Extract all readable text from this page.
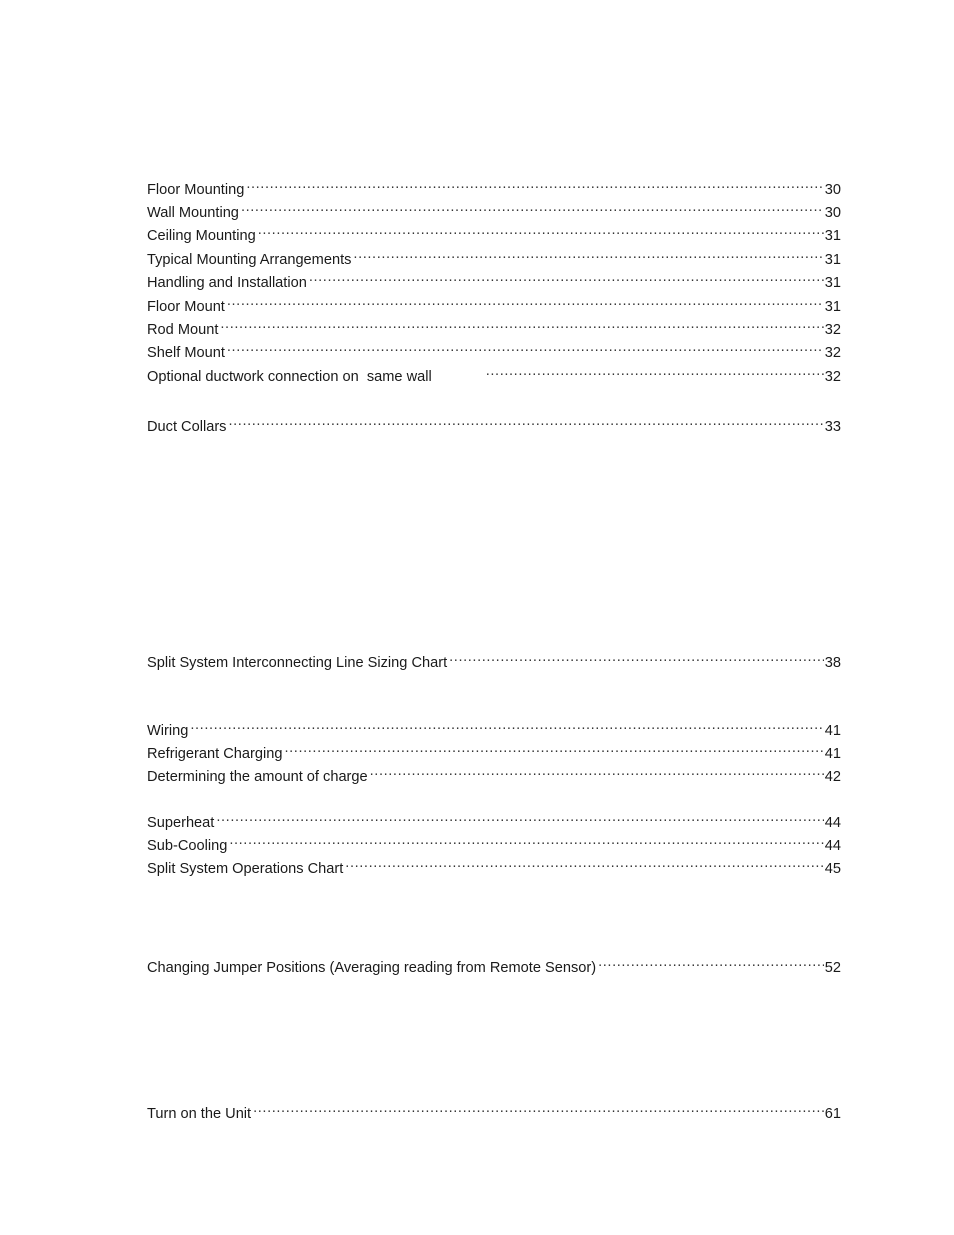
Floor Mounting .....	30
Wall Mounting .....	30
Ceiling Mounting .....	31
Typical Mounting Arrangements .....	31
Handling and Installation .....	31
Floor Mount .....	31
Rod Mount .....	32
Shelf Mount .....	32
Optional ductwork connection on  same wall .....	32
Duct Collars .....	33
Split System Interconnecting Line Sizing Chart .....	38
Wiring .....	41
Refrigerant Charging .....	41
Determining the amount of charge .....	42
Superheat .....	44
Sub-Cooling .....	44
Split System Operations Chart .....	45
Changing Jumper Positions (Averaging reading from Remote Sensor) .....	52
Turn on the Unit .....	61
